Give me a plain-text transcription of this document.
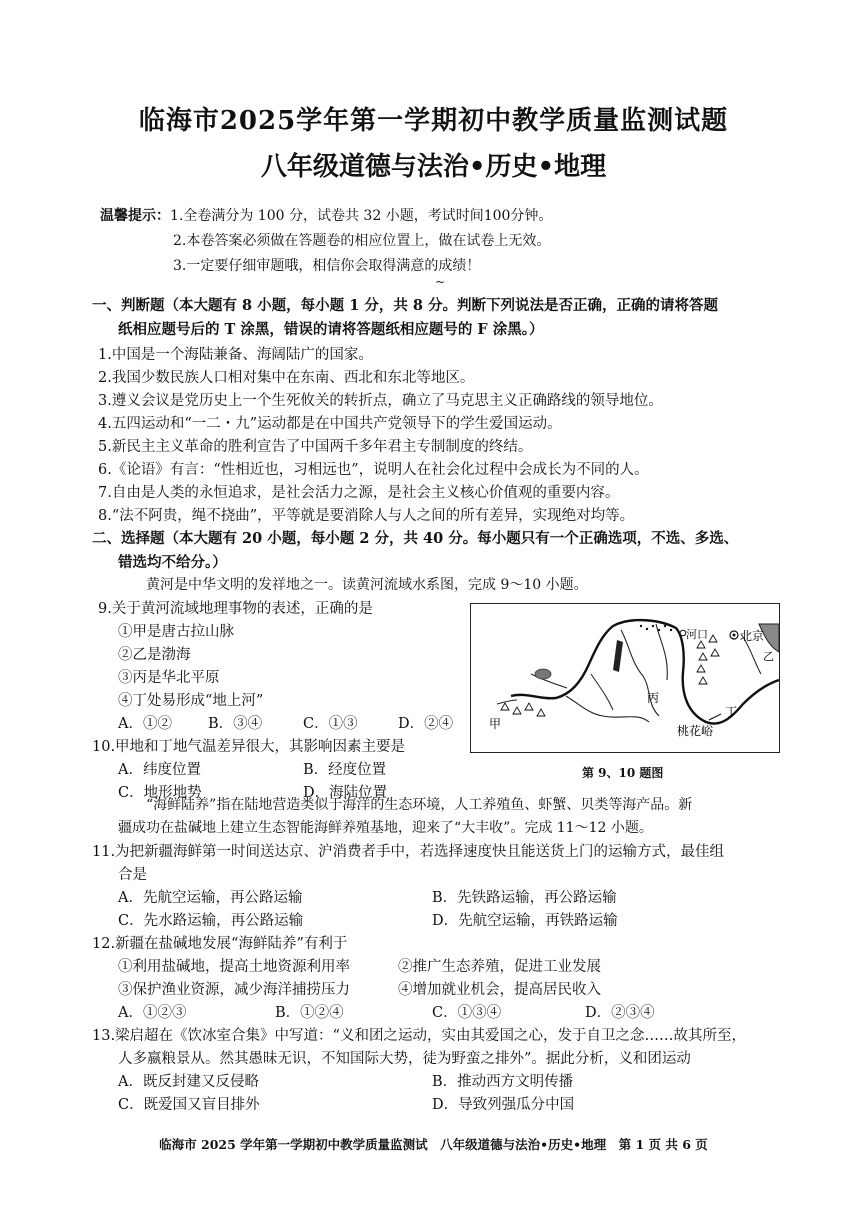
临海市2025学年第一学期初中教学质量监测试题
八年级道德与法治•历史•地理
温馨提示： 1.全卷满分为 100 分，试卷共 32 小题，考试时间100分钟。
2.本卷答案必须做在答题卷的相应位置上，做在试卷上无效。
3.一定要仔细审题哦，相信你会取得满意的成绩！
~
一、判断题（本大题有 8 小题，每小题 1 分，共 8 分。判断下列说法是否正确，正确的请将答题
纸相应题号后的 T 涂黑，错误的请将答题纸相应题号的 F 涂黑。）
1.中国是一个海陆兼备、海阔陆广的国家。
2.我国少数民族人口相对集中在东南、西北和东北等地区。
3.遵义会议是党历史上一个生死攸关的转折点，确立了马克思主义正确路线的领导地位。
4.五四运动和“一二・九”运动都是在中国共产党领导下的学生爱国运动。
5.新民主主义革命的胜利宣告了中国两千多年君主专制制度的终结。
6.《论语》有言：“性相近也，习相远也”，说明人在社会化过程中会成长为不同的人。
7.自由是人类的永恒追求，是社会活力之源，是社会主义核心价值观的重要内容。
8.“法不阿贵，绳不挠曲”，平等就是要消除人与人之间的所有差异，实现绝对均等。
二、选择题（本大题有 20 小题，每小题 2 分，共 40 分。每小题只有一个正确选项，不选、多选、
错选均不给分。）
黄河是中华文明的发祥地之一。读黄河流域水系图，完成 9～10 小题。
9.关于黄河流域地理事物的表述，正确的是
①甲是唐古拉山脉
②乙是渤海
③丙是华北平原
④丁处易形成“地上河”
A．①② B．③④	C．①③	D．②④
10.甲地和丁地气温差异很大，其影响因素主要是
A．纬度位置	B．经度位置
C．地形地势	D．海陆位置
河口	北京
乙
丙
甲
丁
桃花峪
第 9、10 题图
“海鲜陆养”指在陆地营造类似于海洋的生态环境，人工养殖鱼、虾蟹、贝类等海产品。新
疆成功在盐碱地上建立生态智能海鲜养殖基地，迎来了“大丰收”。完成 11～12 小题。
11.为把新疆海鲜第一时间送达京、沪消费者手中，若选择速度快且能送货上门的运输方式，最佳组
合是
A．先航空运输，再公路运输	B．先铁路运输，再公路运输
C．先水路运输，再公路运输	D．先航空运输，再铁路运输
12.新疆在盐碱地发展“海鲜陆养”有利于
①利用盐碱地，提高土地资源利用率	②推广生态养殖，促进工业发展
③保护渔业资源，减少海洋捕捞压力	④增加就业机会，提高居民收入
A．①②③	B．①②④	C．①③④	D．②③④
13.梁启超在《饮冰室合集》中写道：“义和团之运动，实由其爱国之心，发于自卫之念……故其所至，
人多嬴粮景从。然其愚昧无识，不知国际大势，徒为野蛮之排外”。据此分析，义和团运动
A．既反封建又反侵略	B．推动西方文明传播
C．既爱国又盲目排外	D．导致列强瓜分中国
临海市 2025 学年第一学期初中教学质量监测试　八年级道德与法治•历史•地理　第 1 页 共 6 页
